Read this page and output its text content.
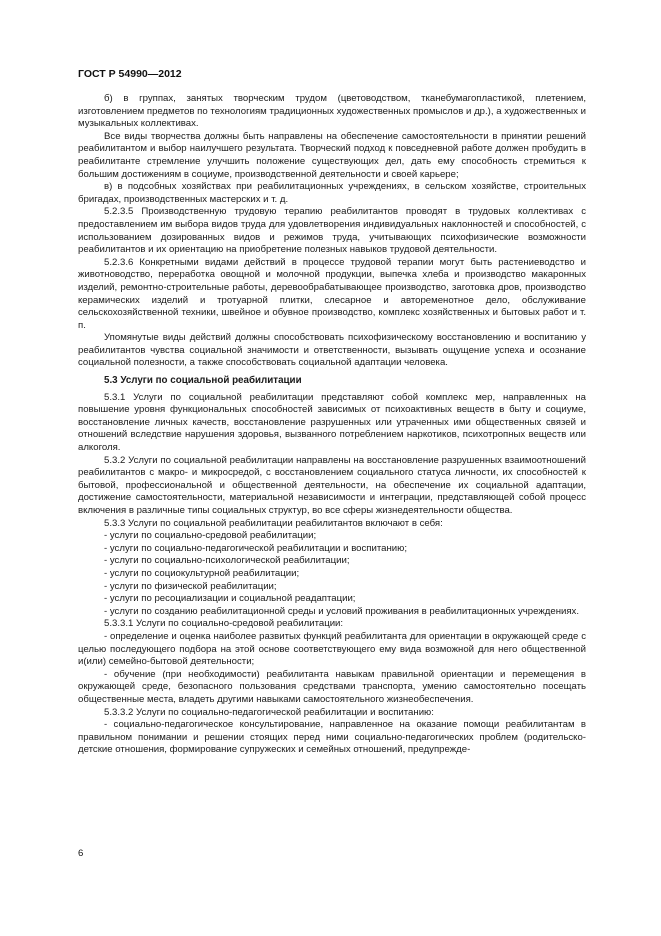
ГОСТ Р 54990—2012

б) в группах, занятых творческим трудом (цветоводством, тканебумагопластикой, плетением, изготовлением предметов по технологиям традиционных художественных промыслов и др.), а художественных и музыкальных коллективах.

Все виды творчества должны быть направлены на обеспечение самостоятельности в принятии решений реабилитантом и выбор наилучшего результата. Творческий подход к повседневной работе должен пробудить в реабилитанте стремление улучшить положение существующих дел, дать ему способность стремиться к большим достижениям в социуме, производственной деятельности и своей карьере;

в) в подсобных хозяйствах при реабилитационных учреждениях, в сельском хозяйстве, строительных бригадах, производственных мастерских и т. д.

5.2.3.5 Производственную трудовую терапию реабилитантов проводят в трудовых коллективах с предоставлением им выбора видов труда для удовлетворения индивидуальных наклонностей и способностей, с использованием дозированных видов и режимов труда, учитывающих психофизические возможности реабилитантов и их ориентацию на приобретение полезных навыков трудовой деятельности.

5.2.3.6 Конкретными видами действий в процессе трудовой терапии могут быть растениеводство и животноводство, переработка овощной и молочной продукции, выпечка хлеба и производство макаронных изделий, ремонтно-строительные работы, деревообрабатывающее производство, заготовка дров, производство керамических изделий и тротуарной плитки, слесарное и автоременотное дело, обслуживание сельскохозяйственной техники, швейное и обувное производство, комплекс хозяйственных и бытовых работ и т. п.

Упомянутые виды действий должны способствовать психофизическому восстановлению и воспитанию у реабилитантов чувства социальной значимости и ответственности, вызывать ощущение успеха и осознание социальной полезности, а также способствовать социальной адаптации человека.

5.3 Услуги по социальной реабилитации

5.3.1 Услуги по социальной реабилитации представляют собой комплекс мер, направленных на повышение уровня функциональных способностей зависимых от психоактивных веществ в быту и социуме, восстановление личных качеств, восстановление разрушенных или утраченных ими общественных связей и отношений вследствие нарушения здоровья, вызванного потреблением наркотиков, психотропных веществ или алкоголя.

5.3.2 Услуги по социальной реабилитации направлены на восстановление разрушенных взаимоотношений реабилитантов с макро- и микросредой, с восстановлением социального статуса личности, их способностей к бытовой, профессиональной и общественной деятельности, на обеспечение их социальной адаптации, достижение самостоятельности, материальной независимости и интеграции, представляющей собой процесс включения в различные типы социальных структур, во все сферы жизнедеятельности общества.

5.3.3 Услуги по социальной реабилитации реабилитантов включают в себя:

- услуги по социально-средовой реабилитации;

- услуги по социально-педагогической реабилитации и воспитанию;

- услуги по социально-психологической реабилитации;

- услуги по социокультурной реабилитации;

- услуги по физической реабилитации;

- услуги по ресоциализации и социальной реадаптации;

- услуги по созданию реабилитационной среды и условий проживания в реабилитационных учреждениях.

5.3.3.1 Услуги по социально-средовой реабилитации:

- определение и оценка наиболее развитых функций реабилитанта для ориентации в окружающей среде с целью последующего подбора на этой основе соответствующего ему вида возможной для него общественной и(или) семейно-бытовой деятельности;

- обучение (при необходимости) реабилитанта навыкам правильной ориентации и перемещения в окружающей среде, безопасного пользования средствами транспорта, умению самостоятельно посещать общественные места, владеть другими навыками самостоятельного жизнеобеспечения.

5.3.3.2 Услуги по социально-педагогической реабилитации и воспитанию:

- социально-педагогическое консультирование, направленное на оказание помощи реабилитантам в правильном понимании и решении стоящих перед ними социально-педагогических проблем (родительско-детские отношения, формирование супружеских и семейных отношений, предупрежде-

6
